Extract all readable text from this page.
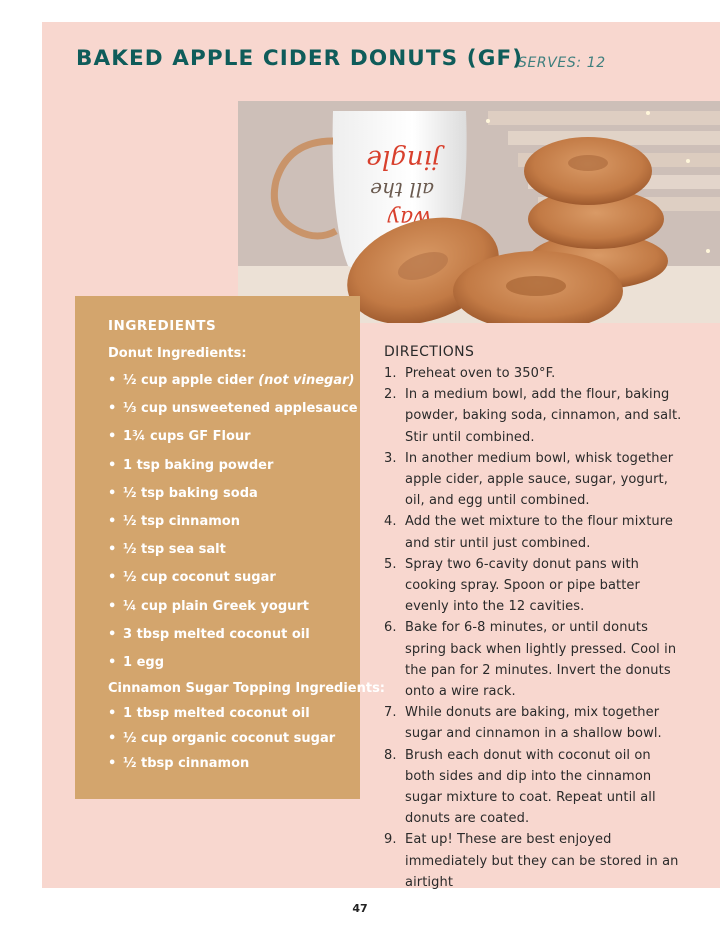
BAKED APPLE CIDER DONUTS (GF)
SERVES: 12
jingle
all the
way
INGREDIENTS
Donut Ingredients:
• ½ cup apple cider (not vinegar)
• ⅓ cup unsweetened applesauce
• 1¾ cups GF Flour
• 1 tsp baking powder
• ½ tsp baking soda
• ½ tsp cinnamon
• ½ tsp sea salt
• ½ cup coconut sugar
• ¼ cup plain Greek yogurt
• 3 tbsp melted coconut oil
• 1 egg
Cinnamon Sugar Topping Ingredients:
• 1 tbsp melted coconut oil
• ½ cup organic coconut sugar
• ½ tbsp cinnamon
DIRECTIONS
1. Preheat oven to 350°F.
2. In a medium bowl, add the flour, baking powder, baking soda, cinnamon, and salt. Stir until combined.
3. In another medium bowl, whisk together apple cider, apple sauce, sugar, yogurt, oil, and egg until combined.
4. Add the wet mixture to the flour mixture and stir until just combined.
5. Spray two 6-cavity donut pans with cooking spray. Spoon or pipe batter evenly into the 12 cavities.
6. Bake for 6-8 minutes, or until donuts spring back when lightly pressed. Cool in the pan for 2 minutes. Invert the donuts onto a wire rack.
7. While donuts are baking, mix together sugar and cinnamon in a shallow bowl.
8. Brush each donut with coconut oil on both sides and dip into the cinnamon sugar mixture to coat. Repeat until all donuts are coated.
9. Eat up! These are best enjoyed immediately but they can be stored in an airtight
47
